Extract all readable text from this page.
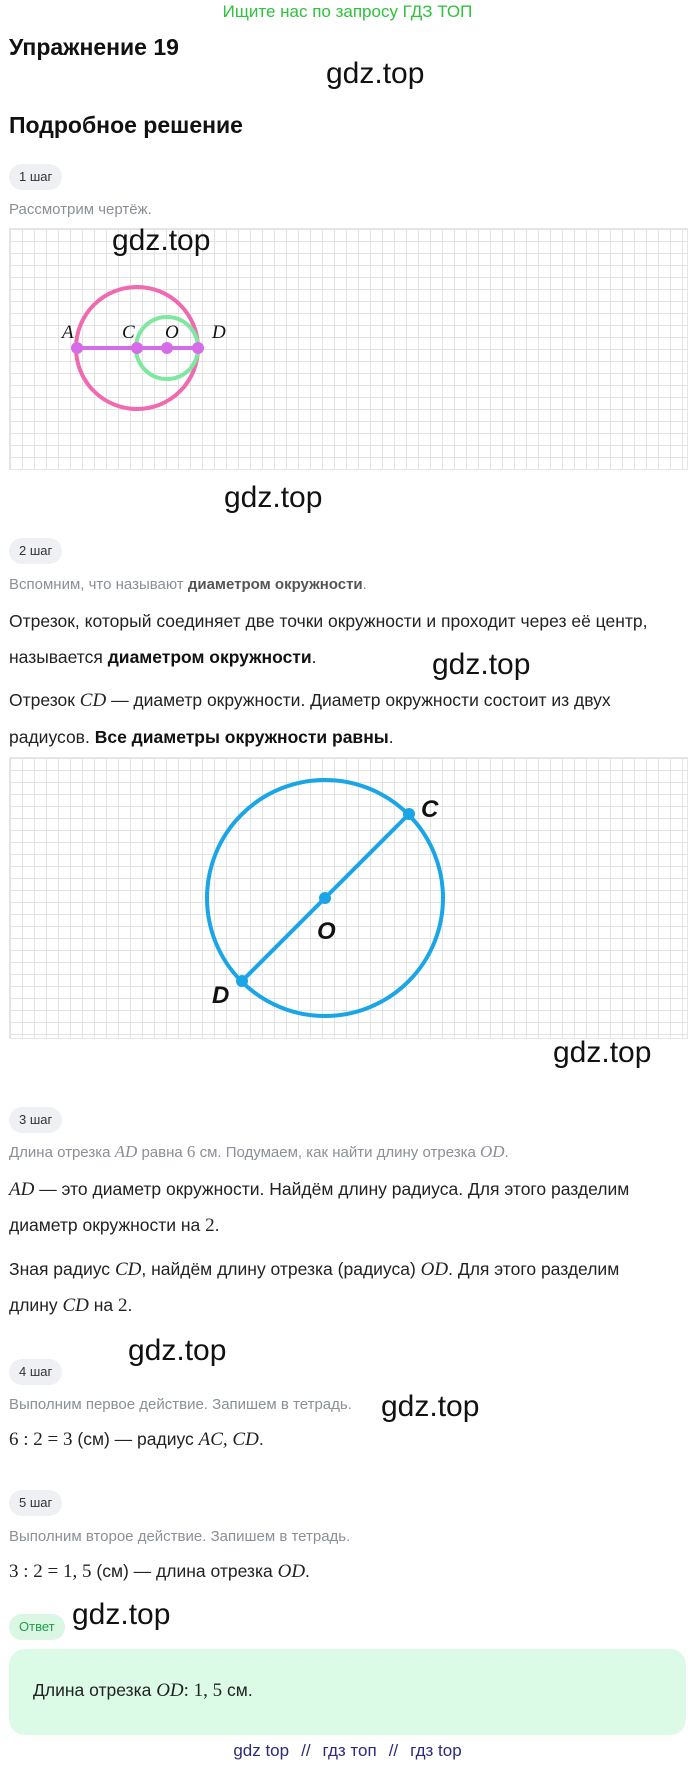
Ищите нас по запросу ГДЗ ТОП
Упражнение 19
gdz.top
Подробное решение
1 шаг
Рассмотрим чертёж.
A	C O D
gdz.top
gdz.top
2 шаг
Вспомним, что называют диаметром окружности.
Отрезок, который соединяет две точки окружности и проходит через её центр,
называется диаметром окружности.	gdz.top
Отрезок CD — диаметр окружности. Диаметр окружности состоит из двух
радиусов. Все диаметры окружности равны.
C
O
D
gdz.top
3 шаг
Длина отрезка AD равна 6 см. Подумаем, как найти длину отрезка OD.
AD — это диаметр окружности. Найдём длину радиуса. Для этого разделим
диаметр окружности на 2.
Зная радиус CD, найдём длину отрезка (радиуса) OD. Для этого разделим
длину CD на 2.
gdz.top
4 шаг
Выполним первое действие. Запишем в тетрадь. gdz.top
6 : 2 = 3 (см) — радиус AC, CD.
5 шаг
Выполним второе действие. Запишем в тетрадь.
3 : 2 = 1, 5 (см) — длина отрезка OD.
Ответ gdz.top
Длина отрезка OD: 1, 5 см.
gdz top // гдз топ // гдз top
